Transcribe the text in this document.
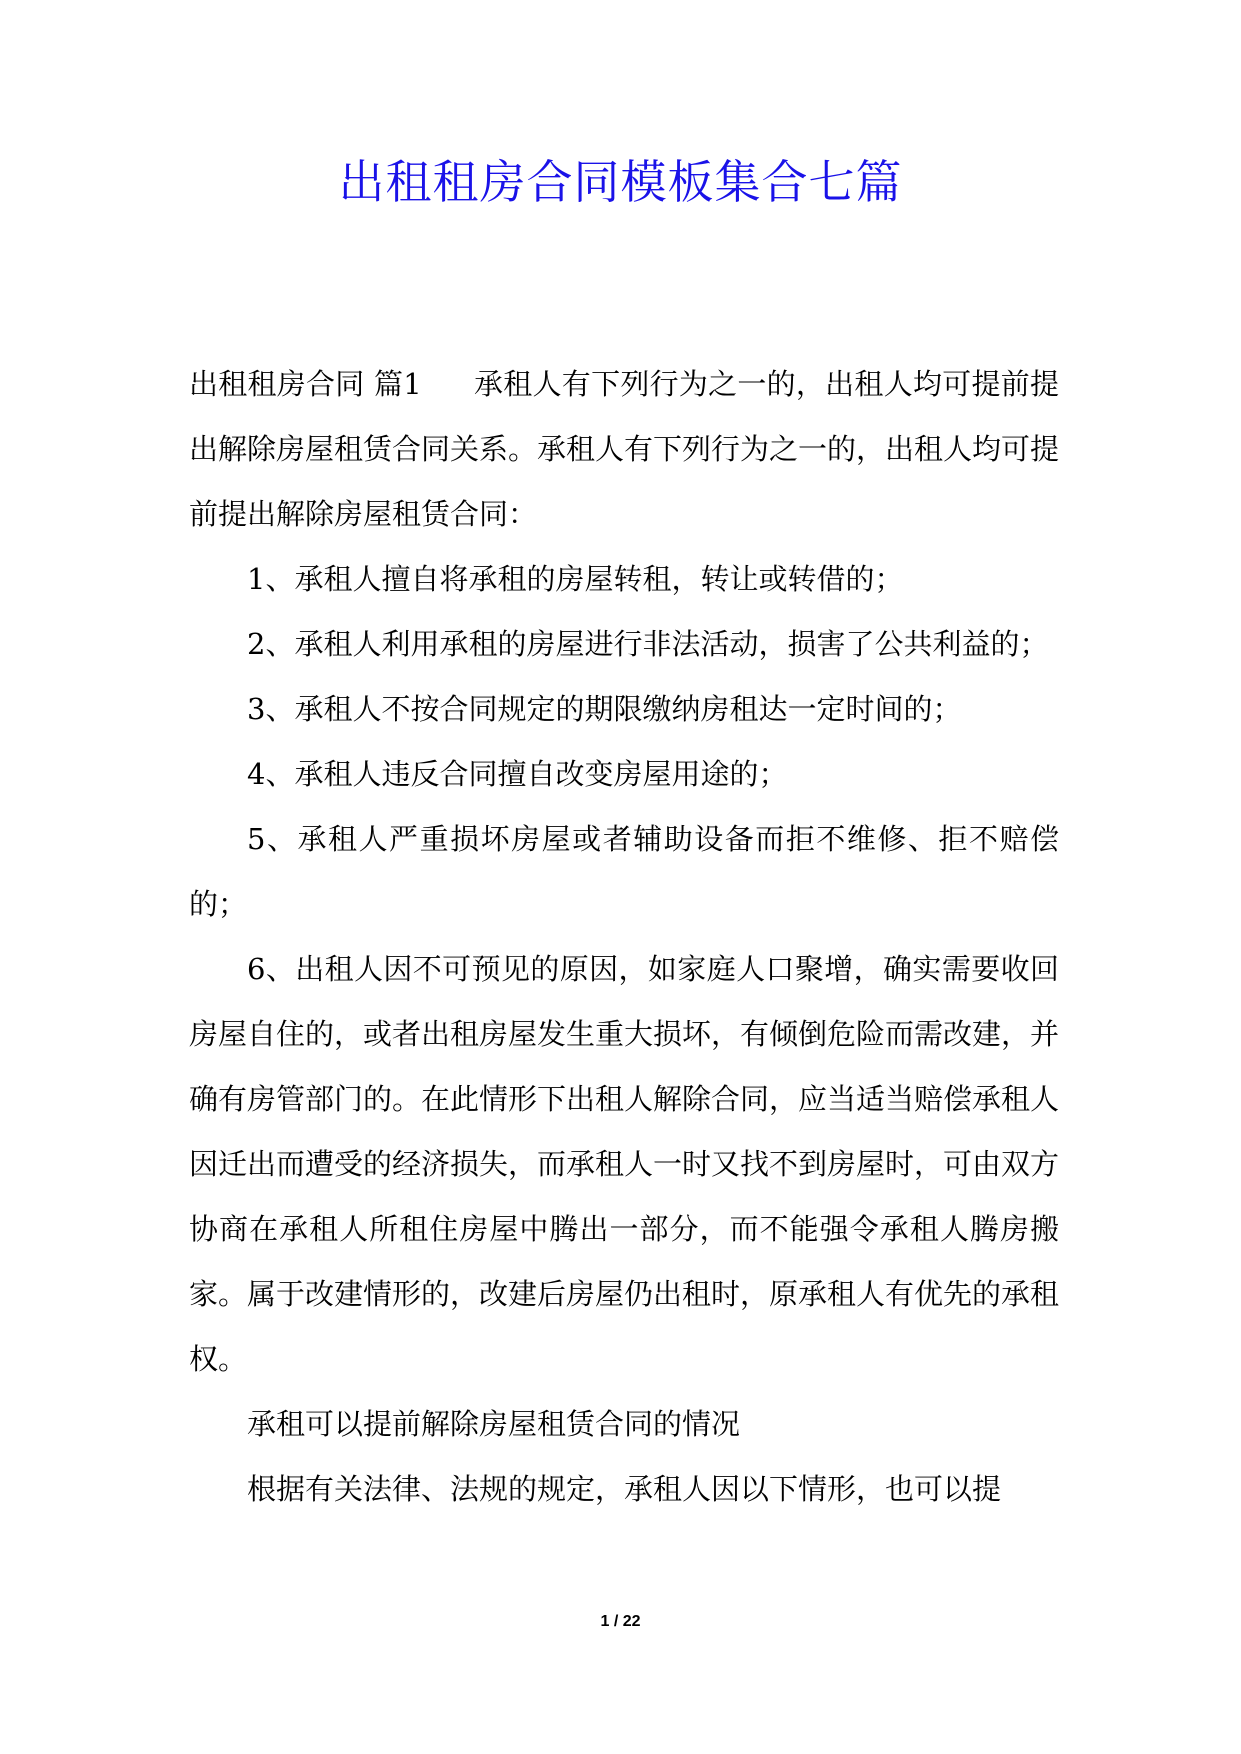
出租租房合同模板集合七篇

出租租房合同 篇1 承租人有下列行为之一的，出租人均可提前提出解除房屋租赁合同关系。承租人有下列行为之一的，出租人均可提前提出解除房屋租赁合同：

1、承租人擅自将承租的房屋转租，转让或转借的；

2、承租人利用承租的房屋进行非法活动，损害了公共利益的；

3、承租人不按合同规定的期限缴纳房租达一定时间的；

4、承租人违反合同擅自改变房屋用途的；

5、承租人严重损坏房屋或者辅助设备而拒不维修、拒不赔偿的；

6、出租人因不可预见的原因，如家庭人口聚增，确实需要收回房屋自住的，或者出租房屋发生重大损坏，有倾倒危险而需改建，并确有房管部门的。在此情形下出租人解除合同，应当适当赔偿承租人因迁出而遭受的经济损失，而承租人一时又找不到房屋时，可由双方协商在承租人所租住房屋中腾出一部分，而不能强令承租人腾房搬家。属于改建情形的，改建后房屋仍出租时，原承租人有优先的承租权。

承租可以提前解除房屋租赁合同的情况

根据有关法律、法规的规定，承租人因以下情形，也可以提

1 / 22
